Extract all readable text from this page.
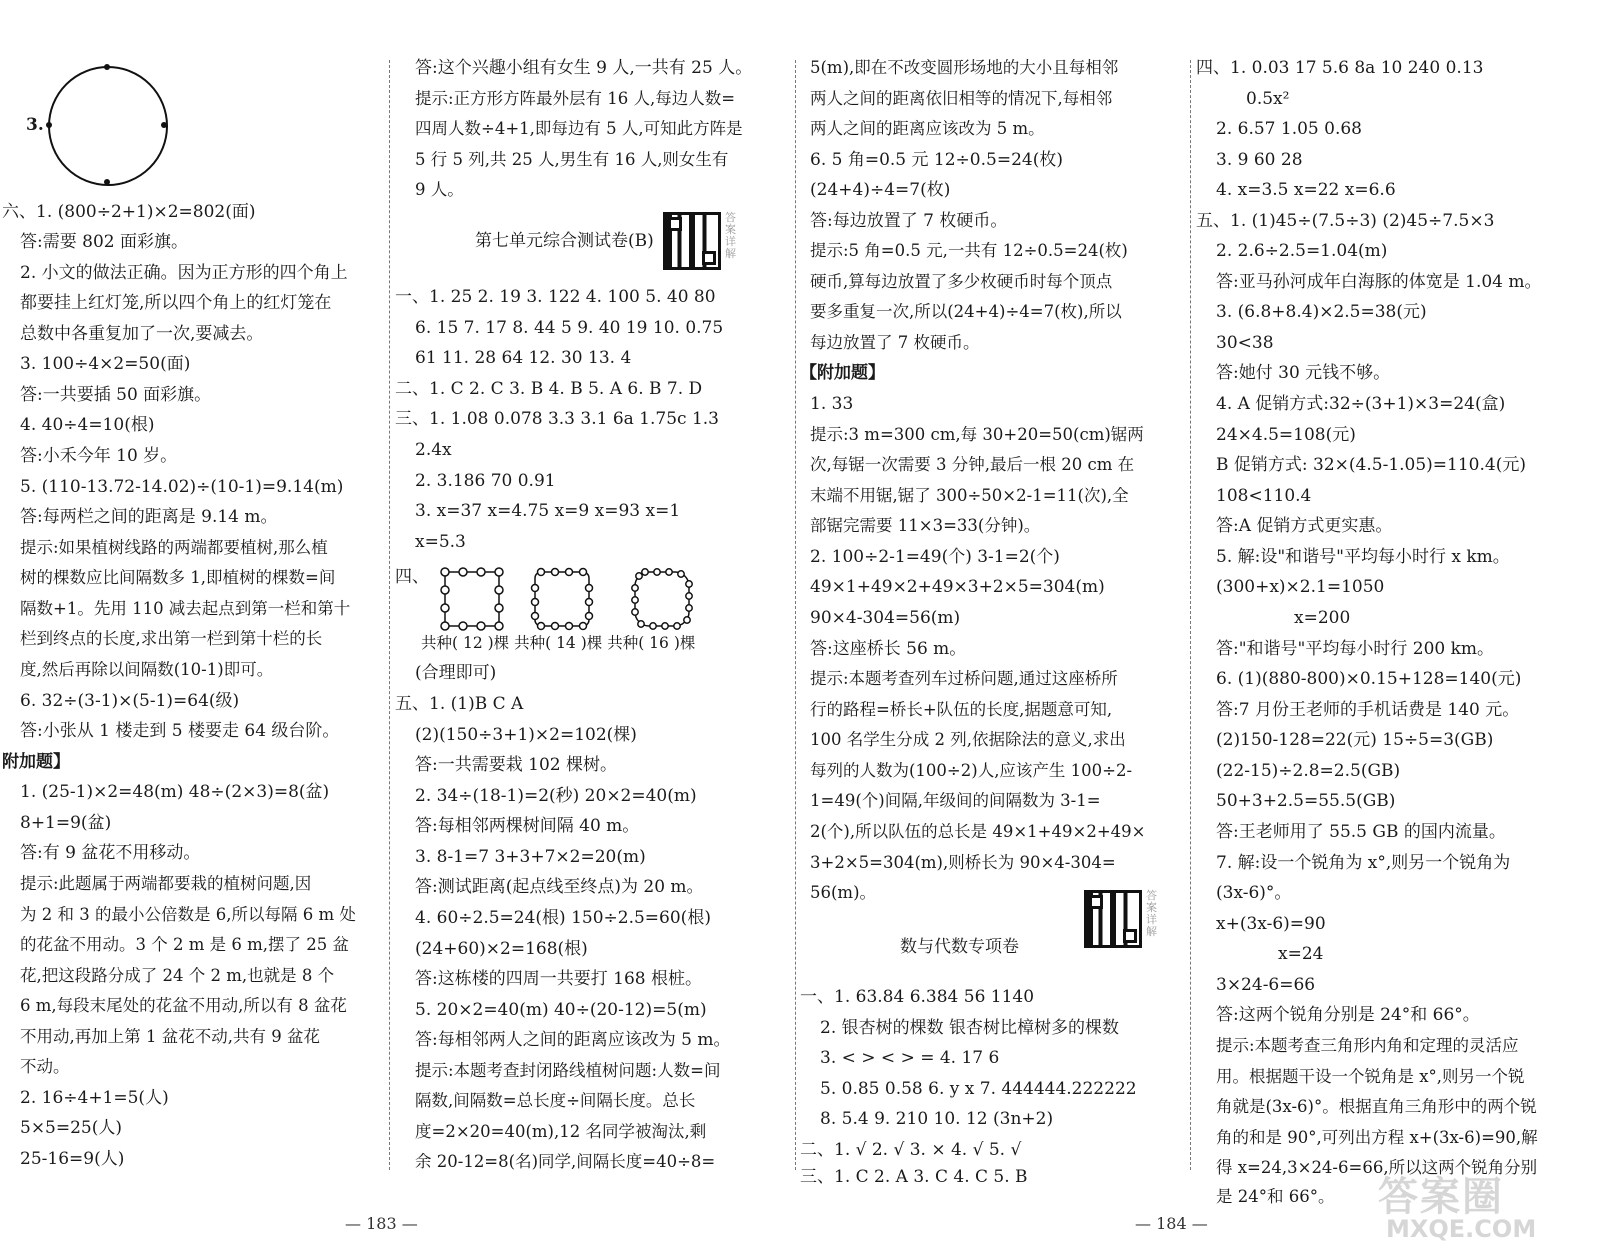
3.
六、1. (800÷2+1)×2=802(面)
答:需要 802 面彩旗。
2. 小文的做法正确。因为正方形的四个角上
都要挂上红灯笼,所以四个角上的红灯笼在
总数中各重复加了一次,要减去。
3. 100÷4×2=50(面)
答:一共要插 50 面彩旗。
4. 40÷4=10(根)
答:小禾今年 10 岁。
5. (110-13.72-14.02)÷(10-1)=9.14(m)
答:每两栏之间的距离是 9.14 m。
提示:如果植树线路的两端都要植树,那么植
树的棵数应比间隔数多 1,即植树的棵数=间
隔数+1。先用 110 减去起点到第一栏和第十
栏到终点的长度,求出第一栏到第十栏的长
度,然后再除以间隔数(10-1)即可。
6. 32÷(3-1)×(5-1)=64(级)
答:小张从 1 楼走到 5 楼要走 64 级台阶。
附加题】
1. (25-1)×2=48(m) 48÷(2×3)=8(盆)
8+1=9(盆)
答:有 9 盆花不用移动。
提示:此题属于两端都要栽的植树问题,因
为 2 和 3 的最小公倍数是 6,所以每隔 6 m 处
的花盆不用动。3 个 2 m 是 6 m,摆了 25 盆
花,把这段路分成了 24 个 2 m,也就是 8 个
6 m,每段末尾处的花盆不用动,所以有 8 盆花
不用动,再加上第 1 盆花不动,共有 9 盆花
不动。
2. 16÷4+1=5(人)
5×5=25(人)
25-16=9(人)
答:这个兴趣小组有女生 9 人,一共有 25 人。
提示:正方形方阵最外层有 16 人,每边人数=
四周人数÷4+1,即每边有 5 人,可知此方阵是
5 行 5 列,共 25 人,男生有 16 人,则女生有
9 人。
第七单元综合测试卷(B)
答案详解
一、1. 25 2. 19 3. 122 4. 100 5. 40 80
6. 15 7. 17 8. 44 5 9. 40 19 10. 0.75
61 11. 28 64 12. 30 13. 4
二、1. C 2. C 3. B 4. B 5. A 6. B 7. D
三、1. 1.08 0.078 3.3 3.1 6a 1.75c 1.3
2.4x
2. 3.186 70 0.91
3. x=37 x=4.75 x=9 x=93 x=1
x=5.3
四、
共种( 12 )棵 共种( 14 )棵 共种( 16 )棵
(合理即可)
五、1. (1)B C A
(2)(150÷3+1)×2=102(棵)
答:一共需要栽 102 棵树。
2. 34÷(18-1)=2(秒) 20×2=40(m)
答:每相邻两棵树间隔 40 m。
3. 8-1=7 3+3+7×2=20(m)
答:测试距离(起点线至终点)为 20 m。
4. 60÷2.5=24(根) 150÷2.5=60(根)
(24+60)×2=168(根)
答:这栋楼的四周一共要打 168 根桩。
5. 20×2=40(m) 40÷(20-12)=5(m)
答:每相邻两人之间的距离应该改为 5 m。
提示:本题考查封闭路线植树问题:人数=间
隔数,间隔数=总长度÷间隔长度。总长
度=2×20=40(m),12 名同学被淘汰,剩
余 20-12=8(名)同学,间隔长度=40÷8=
5(m),即在不改变圆形场地的大小且每相邻
两人之间的距离依旧相等的情况下,每相邻
两人之间的距离应该改为 5 m。
6. 5 角=0.5 元 12÷0.5=24(枚)
(24+4)÷4=7(枚)
答:每边放置了 7 枚硬币。
提示:5 角=0.5 元,一共有 12÷0.5=24(枚)
硬币,算每边放置了多少枚硬币时每个顶点
要多重复一次,所以(24+4)÷4=7(枚),所以
每边放置了 7 枚硬币。
【附加题】
1. 33
提示:3 m=300 cm,每 30+20=50(cm)锯两
次,每锯一次需要 3 分钟,最后一根 20 cm 在
末端不用锯,锯了 300÷50×2-1=11(次),全
部锯完需要 11×3=33(分钟)。
2. 100÷2-1=49(个) 3-1=2(个)
49×1+49×2+49×3+2×5=304(m)
90×4-304=56(m)
答:这座桥长 56 m。
提示:本题考查列车过桥问题,通过这座桥所
行的路程=桥长+队伍的长度,据题意可知,
100 名学生分成 2 列,依据除法的意义,求出
每列的人数为(100÷2)人,应该产生 100÷2-
1=49(个)间隔,年级间的间隔数为 3-1=
2(个),所以队伍的总长是 49×1+49×2+49×
3+2×5=304(m),则桥长为 90×4-304=
56(m)。
数与代数专项卷
答案详解
一、1. 63.84 6.384 56 1140
2. 银杏树的棵数 银杏树比樟树多的棵数
3. < > < > = 4. 17 6
5. 0.85 0.58 6. y x 7. 444444.222222
8. 5.4 9. 210 10. 12 (3n+2)
二、1. √ 2. √ 3. × 4. √ 5. √
三、1. C 2. A 3. C 4. C 5. B
四、1. 0.03 17 5.6 8a 10 240 0.13
0.5x²
2. 6.57 1.05 0.68
3. 9 60 28
4. x=3.5 x=22 x=6.6
五、1. (1)45÷(7.5÷3) (2)45÷7.5×3
2. 2.6÷2.5=1.04(m)
答:亚马孙河成年白海豚的体宽是 1.04 m。
3. (6.8+8.4)×2.5=38(元)
30<38
答:她付 30 元钱不够。
4. A 促销方式:32÷(3+1)×3=24(盒)
24×4.5=108(元)
B 促销方式: 32×(4.5-1.05)=110.4(元)
108<110.4
答:A 促销方式更实惠。
5. 解:设"和谐号"平均每小时行 x km。
(300+x)×2.1=1050
x=200
答:"和谐号"平均每小时行 200 km。
6. (1)(880-800)×0.15+128=140(元)
答:7 月份王老师的手机话费是 140 元。
(2)150-128=22(元) 15÷5=3(GB)
(22-15)÷2.8=2.5(GB)
50+3+2.5=55.5(GB)
答:王老师用了 55.5 GB 的国内流量。
7. 解:设一个锐角为 x°,则另一个锐角为
(3x-6)°。
x+(3x-6)=90
x=24
3×24-6=66
答:这两个锐角分别是 24°和 66°。
提示:本题考查三角形内角和定理的灵活应
用。根据题干设一个锐角是 x°,则另一个锐
角就是(3x-6)°。根据直角三角形中的两个锐
角的和是 90°,可列出方程 x+(3x-6)=90,解
得 x=24,3×24-6=66,所以这两个锐角分别
是 24°和 66°。
— 183 —	— 184 —
答案圈
MXQE.COM
